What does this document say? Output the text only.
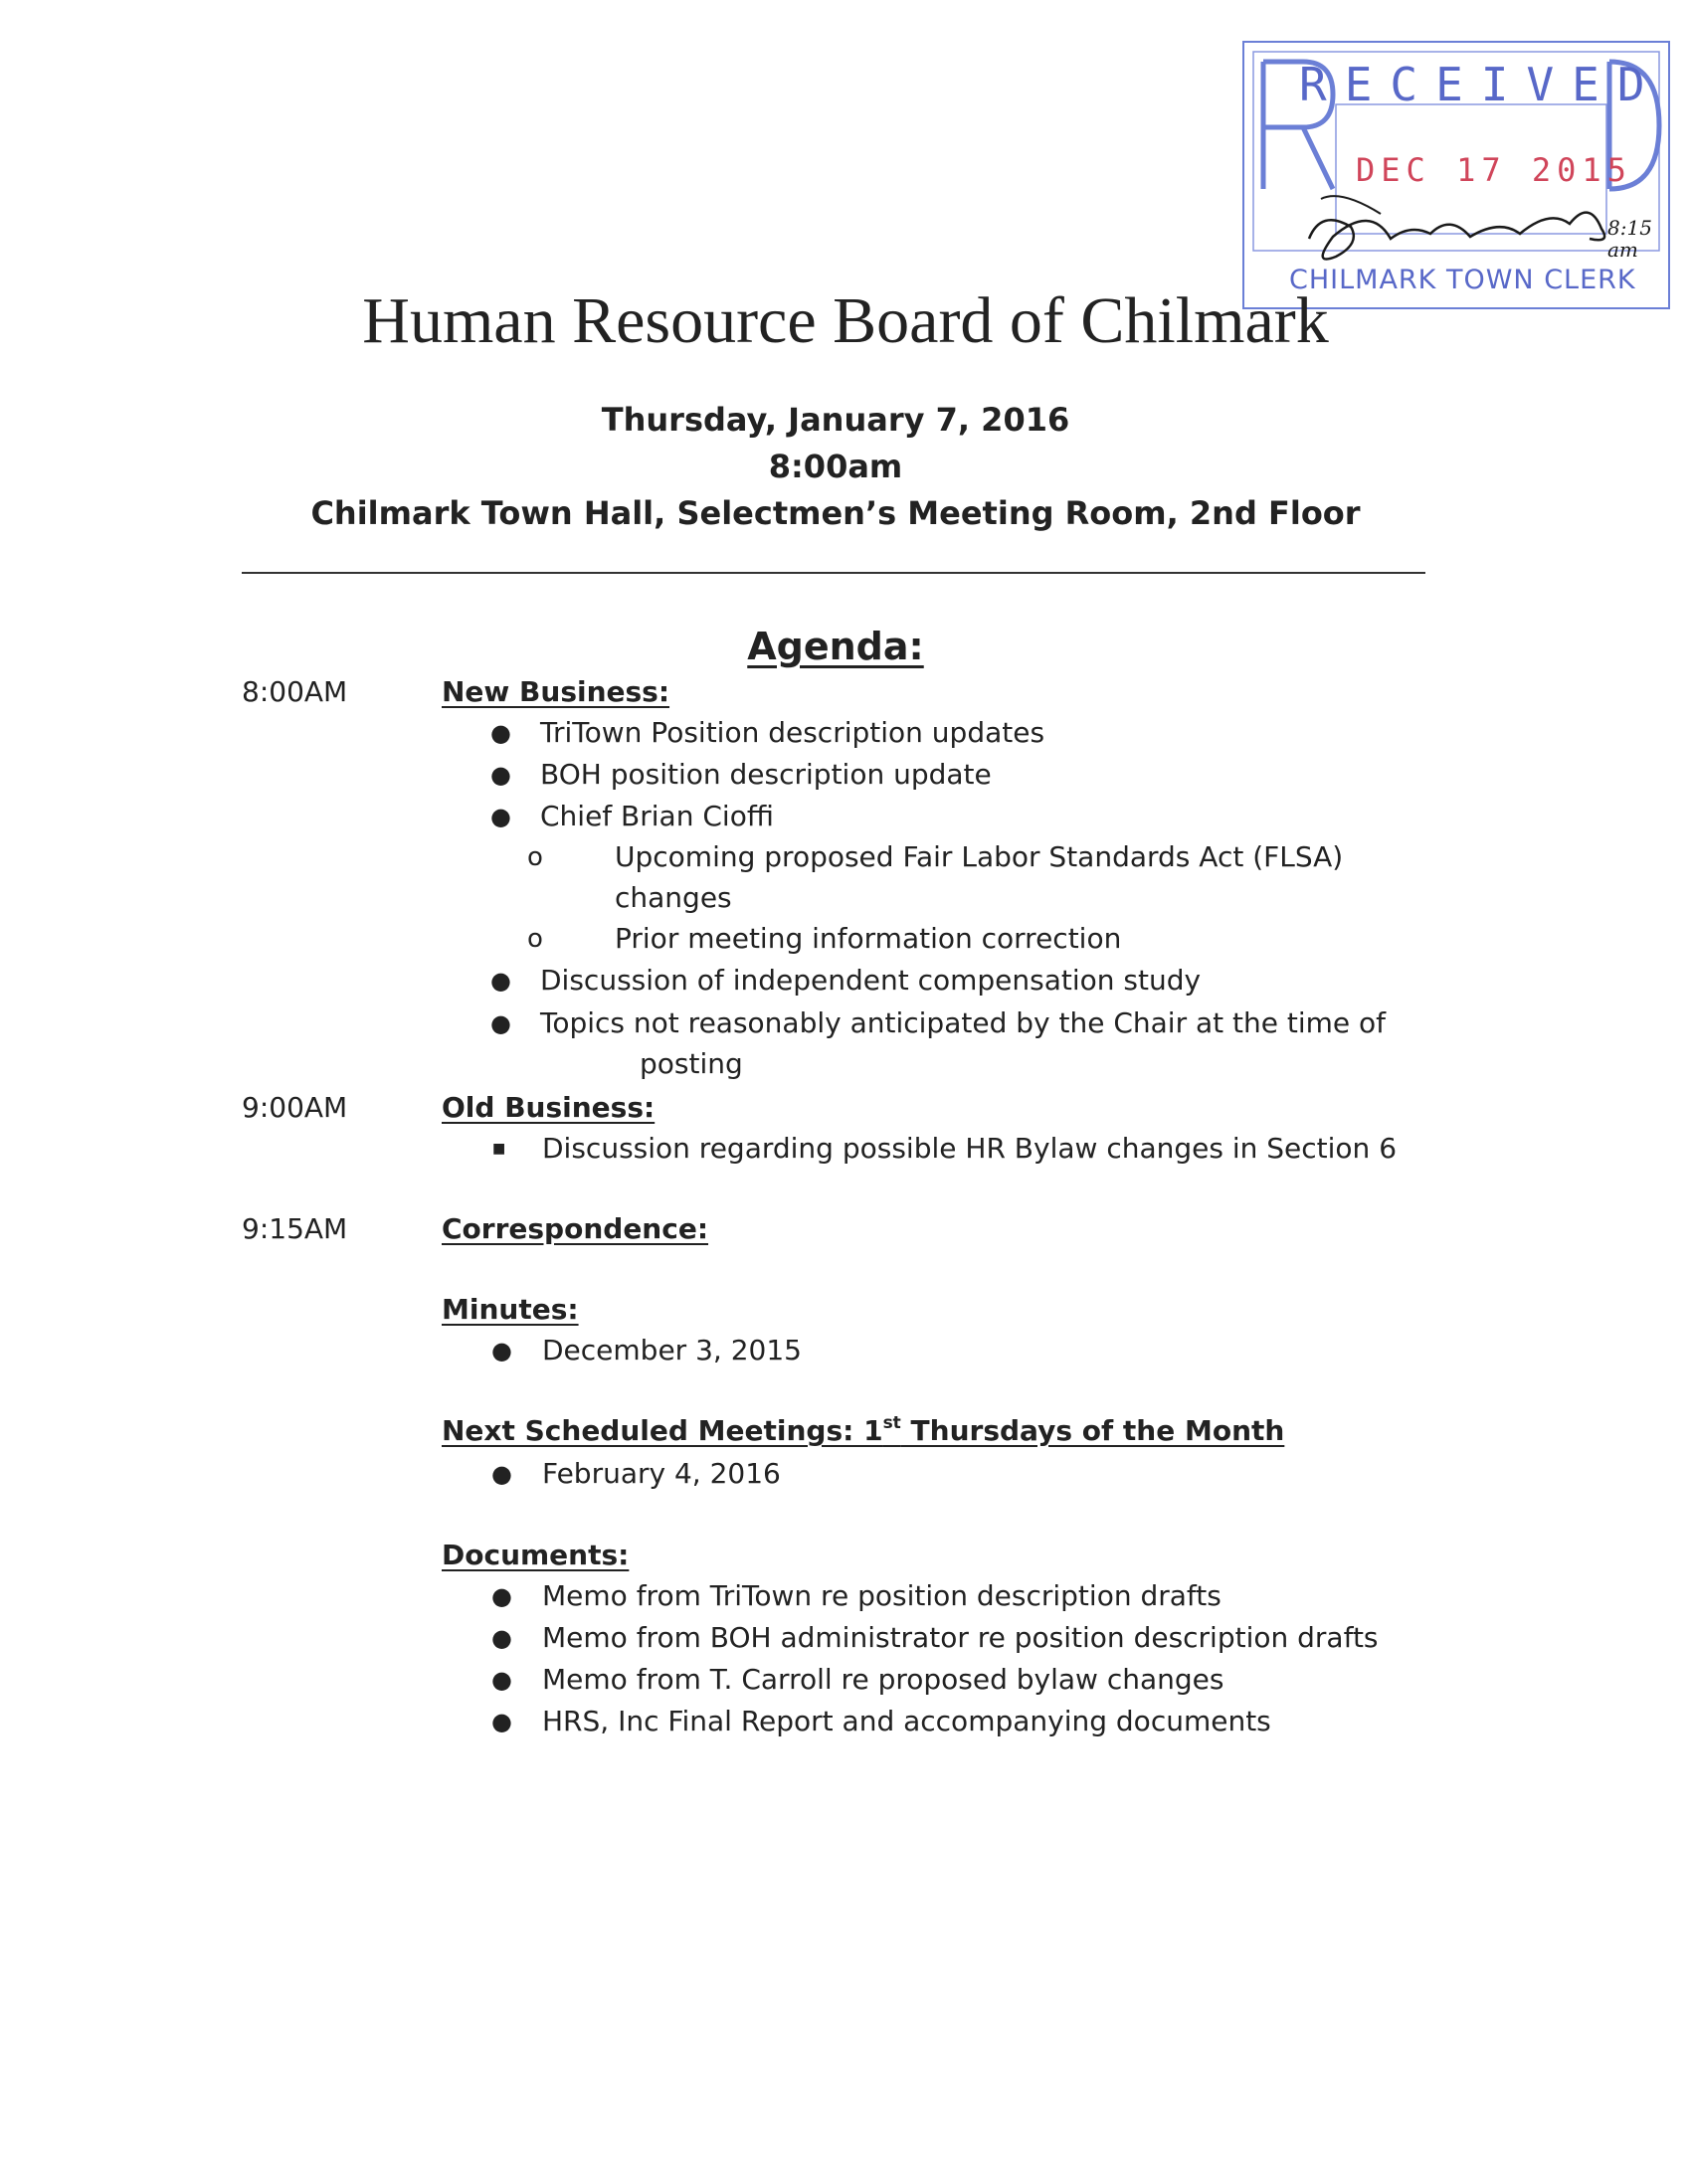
RECEIVED
DEC 17 2015
8:15 am
CHILMARK TOWN CLERK
Human Resource Board of Chilmark
Thursday, January 7, 2016
8:00am
Chilmark Town Hall, Selectmen’s Meeting Room, 2nd Floor
Agenda:
8:00AM
9:00AM
9:15AM
New Business:
● TriTown Position description updates
● BOH position description update
● Chief Brian Cioffi
o	Upcoming proposed Fair Labor Standards Act (FLSA)
changes
o	Prior meeting information correction
● Discussion of independent compensation study
● Topics not reasonably anticipated by the Chair at the time of
posting
Old Business:
■ Discussion regarding possible HR Bylaw changes in Section 6
Correspondence:
Minutes:
● December 3, 2015
Next Scheduled Meetings: 1st Thursdays of the Month
● February 4, 2016
Documents:
● Memo from TriTown re position description drafts
● Memo from BOH administrator re position description drafts
● Memo from T. Carroll re proposed bylaw changes
● HRS, Inc Final Report and accompanying documents
